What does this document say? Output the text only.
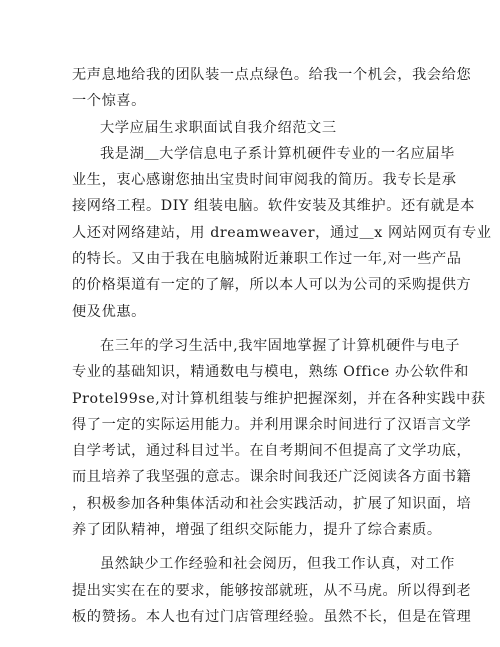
无声息地给我的团队装一点点绿色。给我一个机会，我会给您
一个惊喜。
大学应届生求职面试自我介绍范文三
我是湖＿大学信息电子系计算机硬件专业的一名应届毕
业生，衷心感谢您抽出宝贵时间审阅我的简历。我专长是承
接网络工程。DIY 组装电脑。软件安装及其维护。还有就是本
人还对网络建站，用 dreamweaver，通过＿x 网站网页有专业
的特长。又由于我在电脑城附近兼职工作过一年,对一些产品
的价格渠道有一定的了解，所以本人可以为公司的采购提供方
便及优惠。
在三年的学习生活中,我牢固地掌握了计算机硬件与电子
专业的基础知识，精通数电与模电，熟练 Office 办公软件和
Protel99se,对计算机组装与维护把握深刻，并在各种实践中获
得了一定的实际运用能力。并利用课余时间进行了汉语言文学
自学考试，通过科目过半。在自考期间不但提高了文学功底，
而且培养了我坚强的意志。课余时间我还广泛阅读各方面书籍
，积极参加各种集体活动和社会实践活动，扩展了知识面，培
养了团队精神，增强了组织交际能力，提升了综合素质。
虽然缺少工作经验和社会阅历，但我工作认真，对工作
提出实实在在的要求，能够按部就班，从不马虎。所以得到老
板的赞扬。本人也有过门店管理经验。虽然不长，但是在管理
